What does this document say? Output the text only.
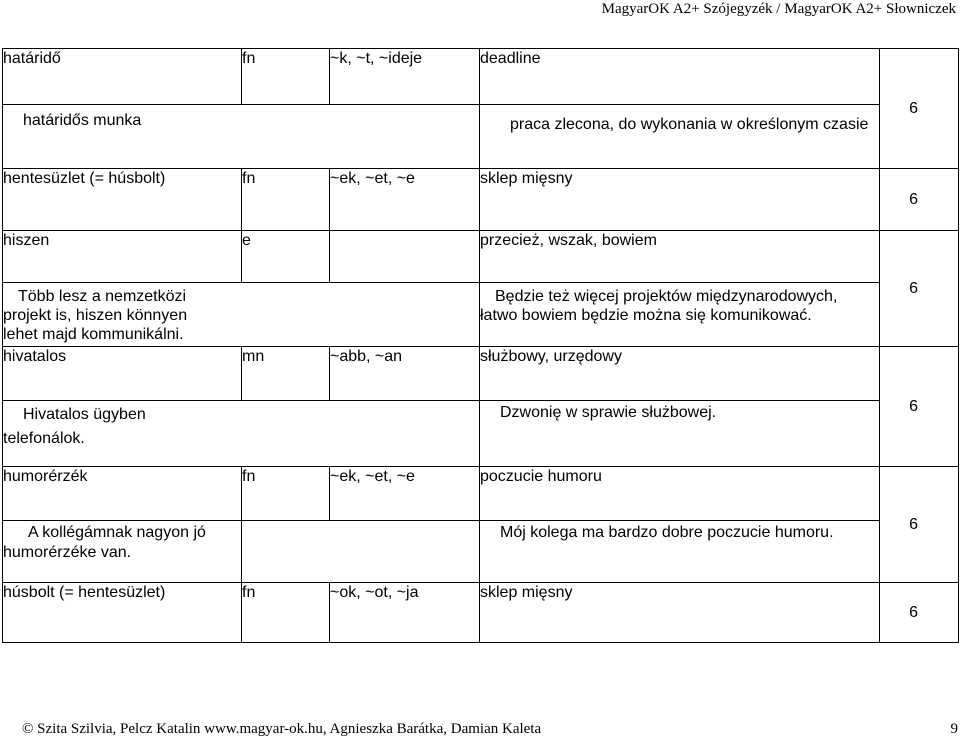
MagyarOK A2+ Szójegyzék / MagyarOK A2+ Słowniczek
határidő	fn	~k, ~t, ~ideje	deadline	6
határidős munka			praca zlecona, do wykonania w określonym czasie	

hentesüzlet (= húsbolt)	fn	~ek, ~et, ~e	sklep mięsny	6
hiszen	e		przecież, wszak, bowiem	6

Több lesz a nemzetközi projekt is, hiszen könnyen lehet majd kommunikálni.			Będzie też więcej projektów międzynarodowych, łatwo bowiem będzie można się komunikować.	

hivatalos	mn	~abb, ~an	służbowy, urzędowy	6

Hivatalos ügyben telefonálok.			Dzwonię w sprawie służbowej.	
humorérzék	fn	~ek, ~et, ~e	poczucie humoru	6

A kollégámnak nagyon jó humorérzéke van.			Mój kolega ma bardzo dobre poczucie humoru.	
húsbolt (= hentesüzlet)	fn	~ok, ~ot, ~ja	sklep mięsny	6
© Szita Szilvia, Pelcz Katalin www.magyar-ok.hu, Agnieszka Barátka, Damian Kaleta	9
